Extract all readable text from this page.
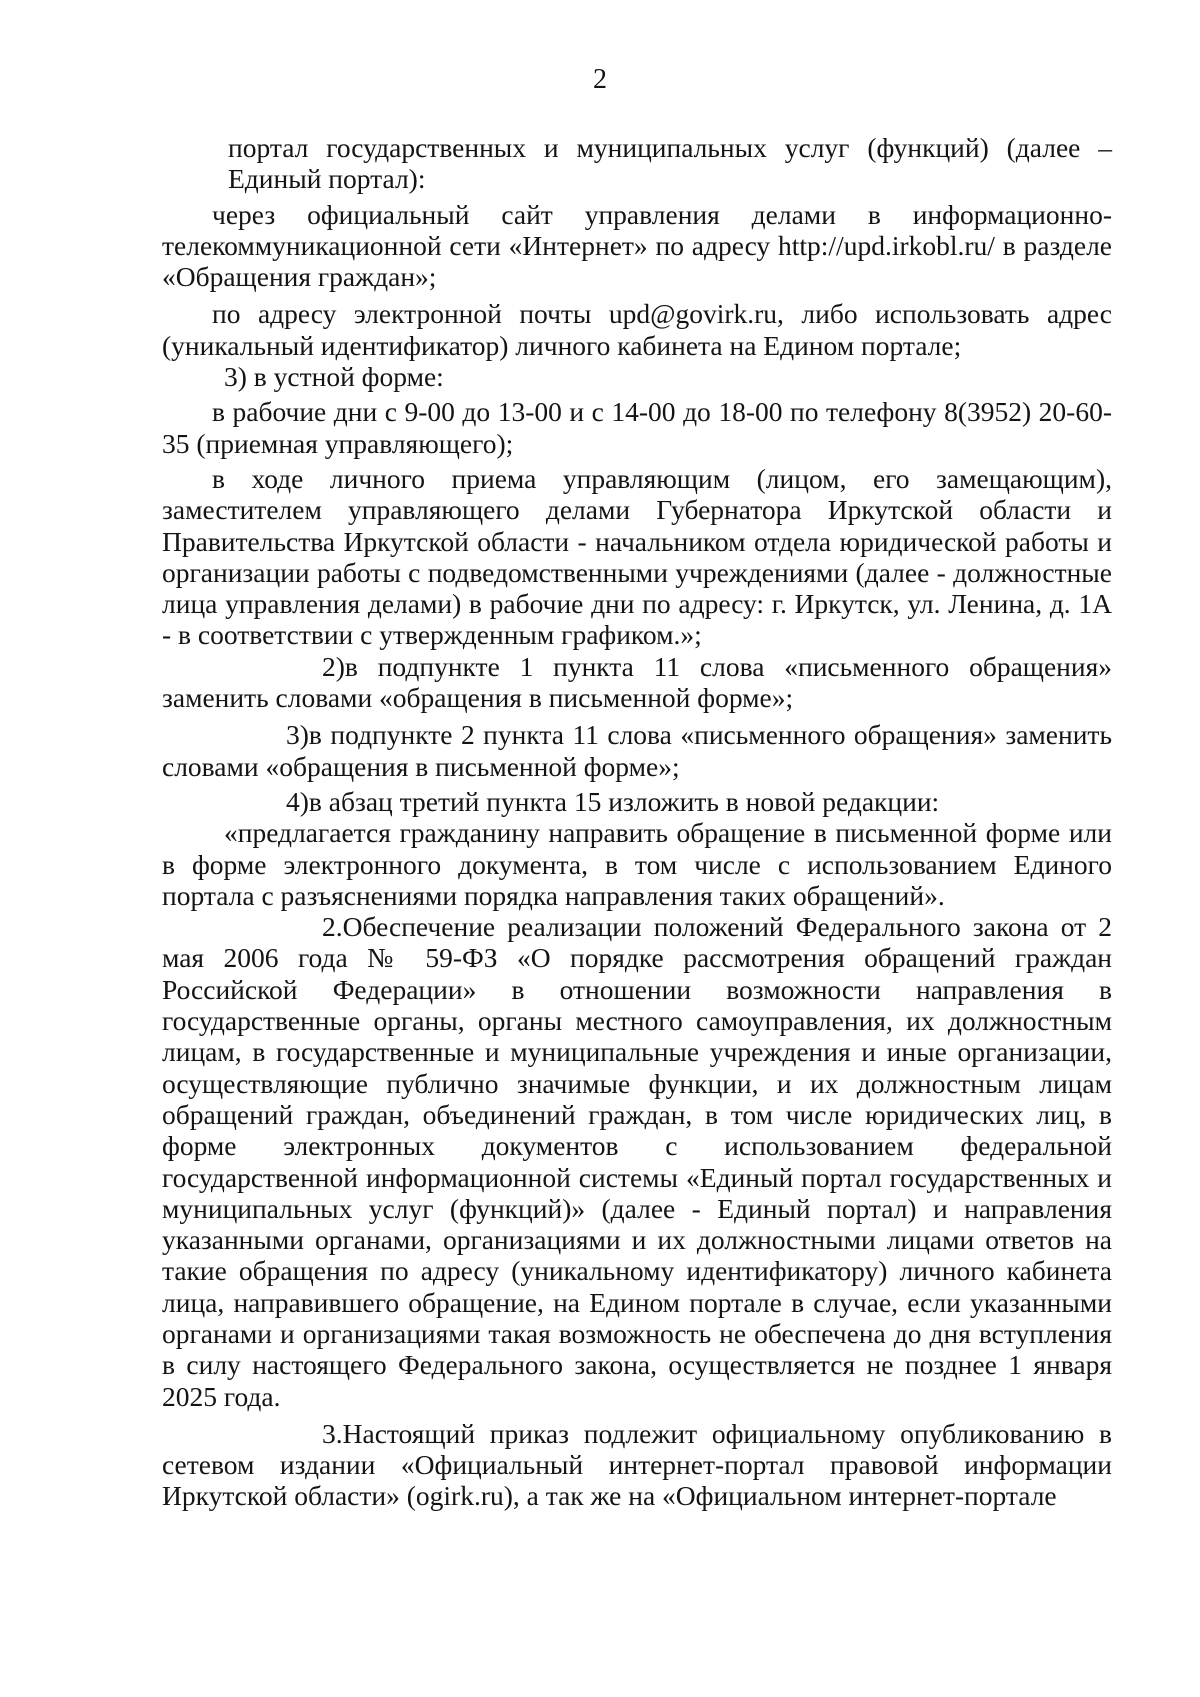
2

портал государственных и муниципальных услуг (функций) (далее – Единый портал):

через официальный сайт управления делами в информационно-телекоммуникационной сети «Интернет» по адресу http://upd.irkobl.ru/ в разделе «Обращения граждан»;

по адресу электронной почты upd@govirk.ru, либо использовать адрес (уникальный идентификатор) личного кабинета на Едином портале;

3) в устной форме:

в рабочие дни с 9-00 до 13-00 и с 14-00 до 18-00 по телефону 8(3952) 20-60-35 (приемная управляющего);

в ходе личного приема управляющим (лицом, его замещающим), заместителем управляющего делами Губернатора Иркутской области и Правительства Иркутской области - начальником отдела юридической работы и организации работы с подведомственными учреждениями (далее - должностные лица управления делами) в рабочие дни по адресу: г. Иркутск, ул. Ленина, д. 1А - в соответствии с утвержденным графиком.»;

2)в подпункте 1 пункта 11 слова «письменного обращения» заменить словами «обращения в письменной форме»;

3)в подпункте 2 пункта 11 слова «письменного обращения» заменить словами «обращения в письменной форме»;

4)в абзац третий пункта 15 изложить в новой редакции:

«предлагается гражданину направить обращение в письменной форме или в форме электронного документа, в том числе с использованием Единого портала с разъяснениями порядка направления таких обращений».

2.Обеспечение реализации положений Федерального закона от 2 мая 2006 года № 59-ФЗ «О порядке рассмотрения обращений граждан Российской Федерации» в отношении возможности направления в государственные органы, органы местного самоуправления, их должностным лицам, в государственные и муниципальные учреждения и иные организации, осуществляющие публично значимые функции, и их должностным лицам обращений граждан, объединений граждан, в том числе юридических лиц, в форме электронных документов с использованием федеральной государственной информационной системы «Единый портал государственных и муниципальных услуг (функций)» (далее - Единый портал) и направления указанными органами, организациями и их должностными лицами ответов на такие обращения по адресу (уникальному идентификатору) личного кабинета лица, направившего обращение, на Едином портале в случае, если указанными органами и организациями такая возможность не обеспечена до дня вступления в силу настоящего Федерального закона, осуществляется не позднее 1 января 2025 года.

3.Настоящий приказ подлежит официальному опубликованию в сетевом издании «Официальный интернет-портал правовой информации Иркутской области» (ogirk.ru), а так же на «Официальном интернет-портале
